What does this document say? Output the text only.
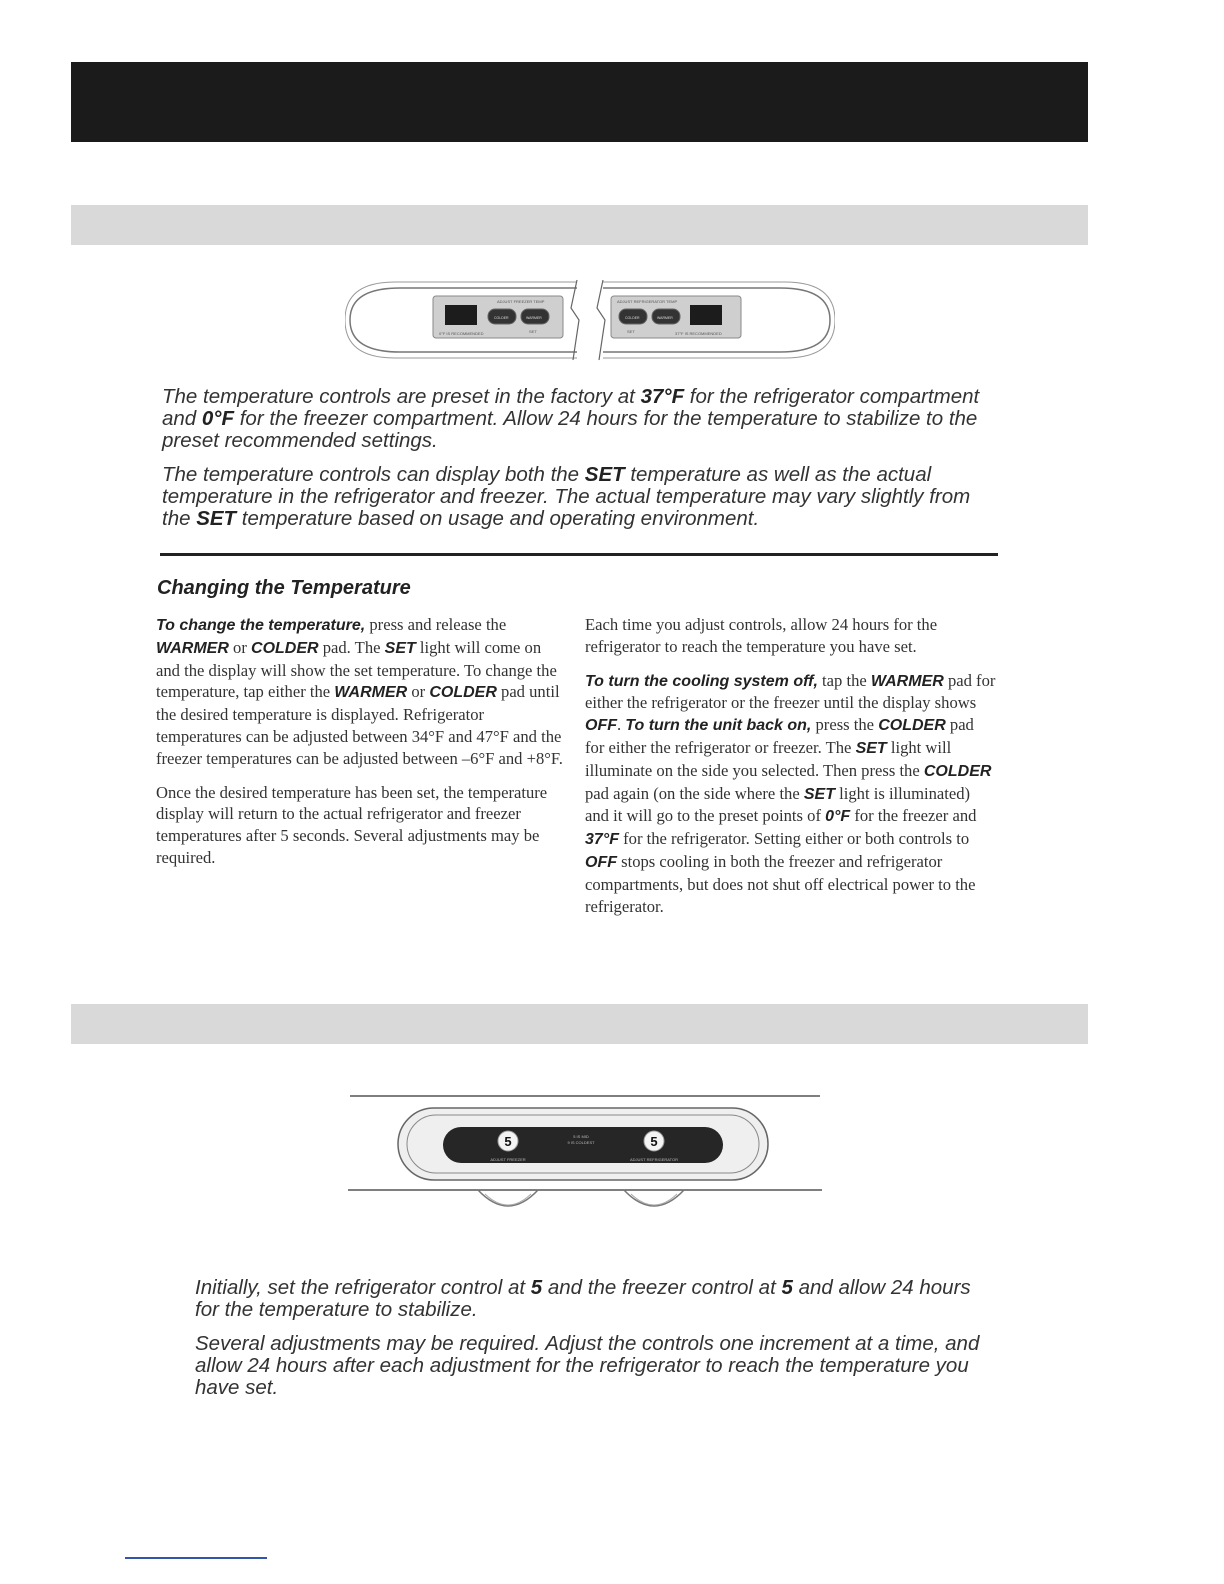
ADJUST FREEZER TEMP
COLDER	WARMER
0°F IS RECOMMENDED	SET
ADJUST REFRIGERATOR TEMP
COLDER	WARMER
SET	37°F IS RECOMMENDED

The temperature controls are preset in the factory at 37°F for the refrigerator compartment and 0°F for the freezer compartment. Allow 24 hours for the temperature to stabilize to the preset recommended settings.

The temperature controls can display both the SET temperature as well as the actual temperature in the refrigerator and freezer. The actual temperature may vary slightly from the SET temperature based on usage and operating environment.

Changing the Temperature

To change the temperature, press and release the WARMER or COLDER pad. The SET light will come on and the display will show the set temperature. To change the temperature, tap either the WARMER or COLDER pad until the desired temperature is displayed. Refrigerator temperatures can be adjusted between 34°F and 47°F and the freezer temperatures can be adjusted between –6°F and +8°F.

Once the desired temperature has been set, the temperature display will return to the actual refrigerator and freezer temperatures after 5 seconds. Several adjustments may be required.

Each time you adjust controls, allow 24 hours for the refrigerator to reach the temperature you have set.

To turn the cooling system off, tap the WARMER pad for either the refrigerator or the freezer until the display shows OFF. To turn the unit back on, press the COLDER pad for either the refrigerator or freezer. The SET light will illuminate on the side you selected. Then press the COLDER pad again (on the side where the SET light is illuminated) and it will go to the preset points of 0°F for the freezer and 37°F for the refrigerator. Setting either or both controls to OFF stops cooling in both the freezer and refrigerator compartments, but does not shut off electrical power to the refrigerator.

5	5
5 IS MID
9 IS COLDEST
ADJUST FREEZER	ADJUST REFRIGERATOR

Initially, set the refrigerator control at 5 and the freezer control at 5 and allow 24 hours for the temperature to stabilize.

Several adjustments may be required. Adjust the controls one increment at a time, and allow 24 hours after each adjustment for the refrigerator to reach the temperature you have set.
